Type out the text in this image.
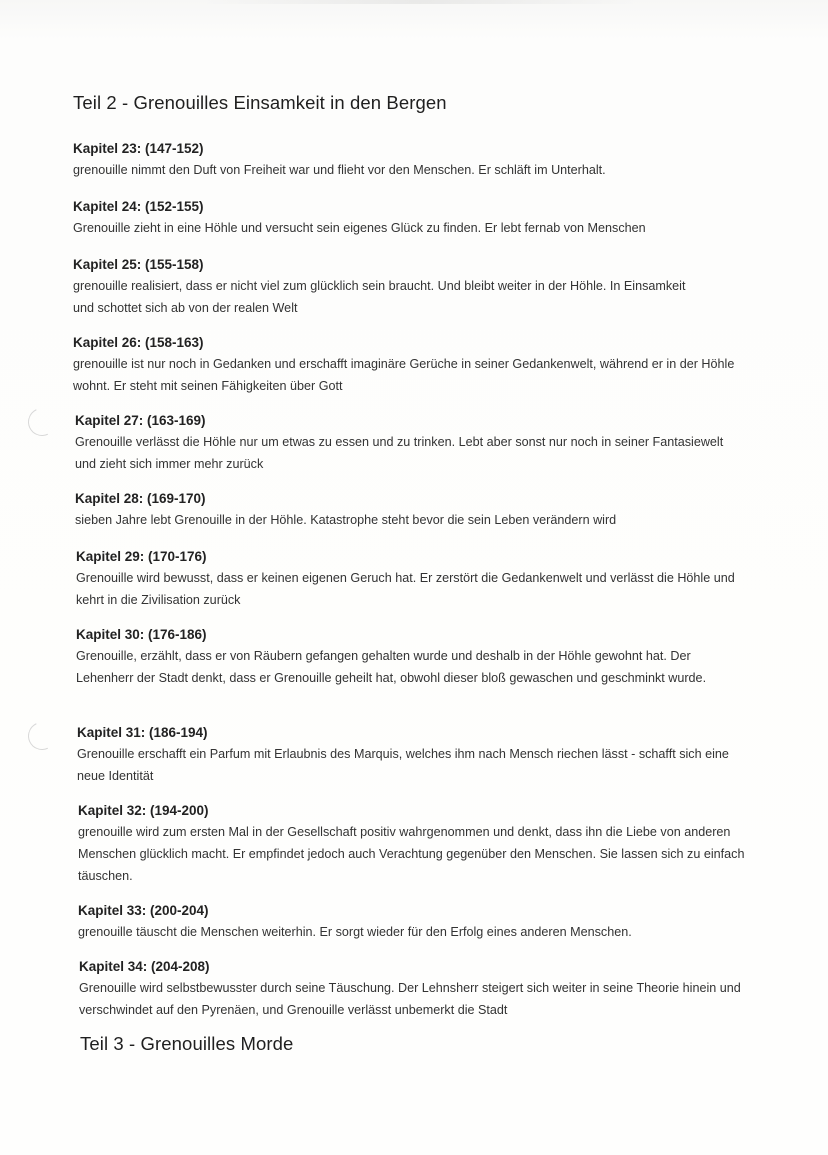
Teil 2 - Grenouilles Einsamkeit in den Bergen

Kapitel 23: (147-152)

grenouille nimmt den Duft von Freiheit war und flieht vor den Menschen. Er schläft im Unterhalt.

Kapitel 24: (152-155)

Grenouille zieht in eine Höhle und versucht sein eigenes Glück zu finden. Er lebt fernab von Menschen

Kapitel 25: (155-158)

grenouille realisiert, dass er nicht viel zum glücklich sein braucht. Und bleibt weiter in der Höhle. In Einsamkeit und schottet sich ab von der realen Welt

Kapitel 26: (158-163)

grenouille ist nur noch in Gedanken und erschafft imaginäre Gerüche in seiner Gedankenwelt, während er in der Höhle wohnt. Er steht mit seinen Fähigkeiten über Gott

Kapitel 27: (163-169)

Grenouille verlässt die Höhle nur um etwas zu essen und zu trinken. Lebt aber sonst nur noch in seiner Fantasiewelt und zieht sich immer mehr zurück

Kapitel 28: (169-170)

sieben Jahre lebt Grenouille in der Höhle. Katastrophe steht bevor die sein Leben verändern wird

Kapitel 29: (170-176)

Grenouille wird bewusst, dass er keinen eigenen Geruch hat. Er zerstört die Gedankenwelt und verlässt die Höhle und kehrt in die Zivilisation zurück

Kapitel 30: (176-186)

Grenouille, erzählt, dass er von Räubern gefangen gehalten wurde und deshalb in der Höhle gewohnt hat. Der Lehenherr der Stadt denkt, dass er Grenouille geheilt hat, obwohl dieser bloß gewaschen und geschminkt wurde.

Kapitel 31: (186-194)

Grenouille erschafft ein Parfum mit Erlaubnis des Marquis, welches ihm nach Mensch riechen lässt - schafft sich eine neue Identität

Kapitel 32: (194-200)

grenouille wird zum ersten Mal in der Gesellschaft positiv wahrgenommen und denkt, dass ihn die Liebe von anderen Menschen glücklich macht. Er empfindet jedoch auch Verachtung gegenüber den Menschen. Sie lassen sich zu einfach täuschen.

Kapitel 33: (200-204)

grenouille täuscht die Menschen weiterhin. Er sorgt wieder für den Erfolg eines anderen Menschen.

Kapitel 34: (204-208)

Grenouille wird selbstbewusster durch seine Täuschung. Der Lehnsherr steigert sich weiter in seine Theorie hinein und verschwindet auf den Pyrenäen, und Grenouille verlässt unbemerkt die Stadt

Teil 3 - Grenouilles Morde
